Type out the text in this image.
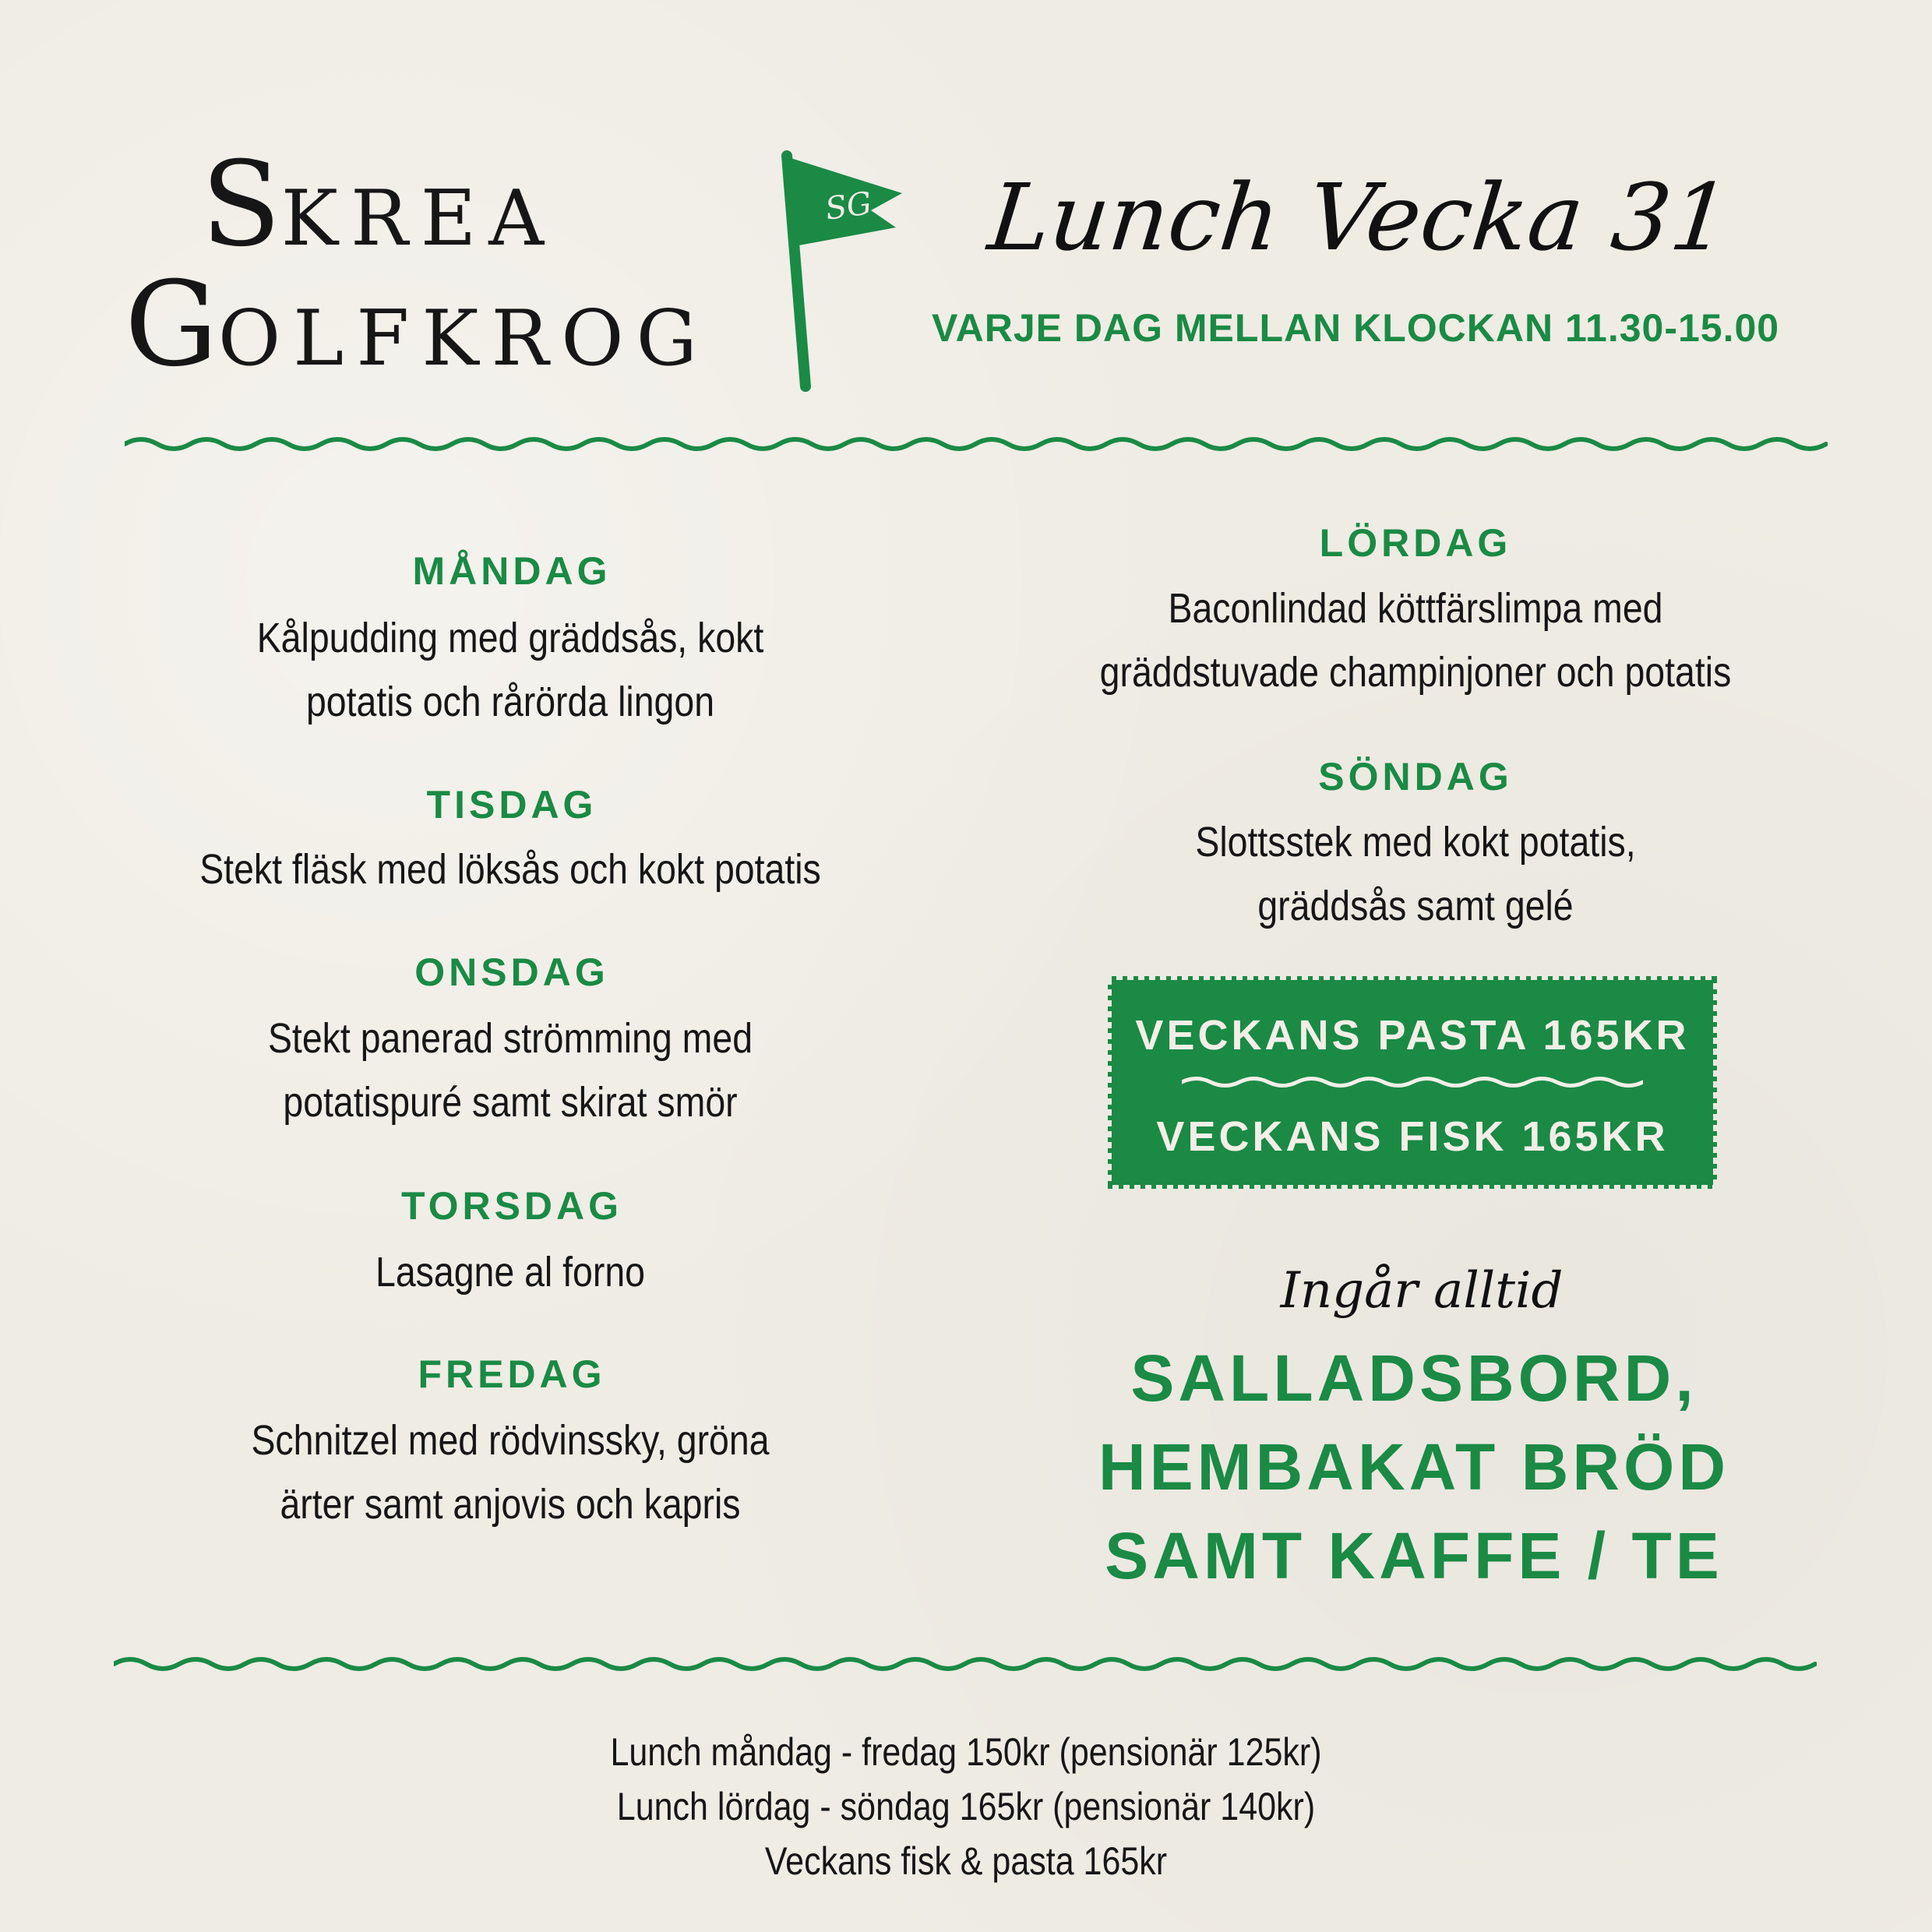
SKREA
GOLFKROG
SG Lunch Vecka 31
VARJE DAG MELLAN KLOCKAN 11.30-15.00
MÅNDAG
Kålpudding med gräddsås, kokt
potatis och rårörda lingon
TISDAG
Stekt fläsk med löksås och kokt potatis
ONSDAG
Stekt panerad strömming med
potatispuré samt skirat smör
TORSDAG
Lasagne al forno
FREDAG
Schnitzel med rödvinssky, gröna
ärter samt anjovis och kapris
LÖRDAG
Baconlindad köttfärslimpa med
gräddstuvade champinjoner och potatis
SÖNDAG
Slottsstek med kokt potatis,
gräddsås samt gelé
VECKANS PASTA 165KR
VECKANS FISK 165KR
Ingår alltid
SALLADSBORD,
HEMBAKAT BRÖD
SAMT KAFFE / TE
Lunch måndag - fredag 150kr (pensionär 125kr)
Lunch lördag - söndag 165kr (pensionär 140kr)
Veckans fisk & pasta 165kr
